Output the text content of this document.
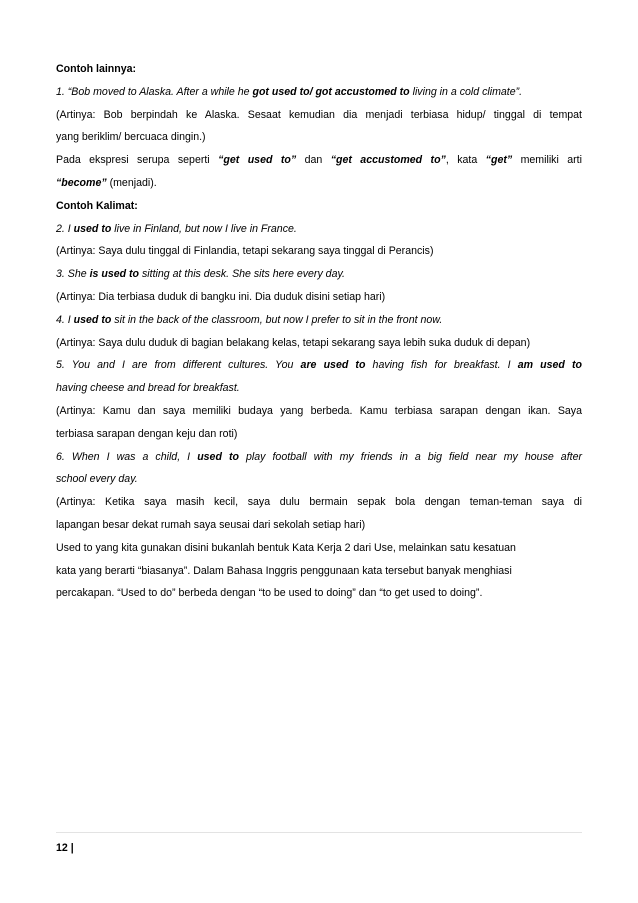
Contoh lainnya:
1. “Bob moved to Alaska. After a while he got used to/ got accustomed to living in a cold climate”.
(Artinya: Bob berpindah ke Alaska. Sesaat kemudian dia menjadi terbiasa hidup/ tinggal di tempat
yang beriklim/ bercuaca dingin.)
Pada ekspresi serupa seperti “get used to” dan “get accustomed to”, kata “get” memiliki arti
“become” (menjadi).
Contoh Kalimat:
2. I used to live in Finland, but now I live in France.
(Artinya: Saya dulu tinggal di Finlandia, tetapi sekarang saya tinggal di Perancis)
3. She is used to sitting at this desk. She sits here every day.
(Artinya: Dia terbiasa duduk di bangku ini. Dia duduk disini setiap hari)
4. I used to sit in the back of the classroom, but now I prefer to sit in the front now.
(Artinya: Saya dulu duduk di bagian belakang kelas, tetapi sekarang saya lebih suka duduk di depan)
5. You and I are from different cultures. You are used to having fish for breakfast. I am used to
having cheese and bread for breakfast.
(Artinya: Kamu dan saya memiliki budaya yang berbeda. Kamu terbiasa sarapan dengan ikan. Saya
terbiasa sarapan dengan keju dan roti)
6. When I was a child, I used to play football with my friends in a big field near my house after
school every day.
(Artinya: Ketika saya masih kecil, saya dulu bermain sepak bola dengan teman-teman saya di
lapangan besar dekat rumah saya seusai dari sekolah setiap hari)
Used to yang kita gunakan disini bukanlah bentuk Kata Kerja 2 dari Use, melainkan satu kesatuan
kata yang berarti “biasanya”. Dalam Bahasa Inggris penggunaan kata tersebut banyak menghiasi
percakapan. “Used to do” berbeda dengan “to be used to doing” dan “to get used to doing”.
12 |
